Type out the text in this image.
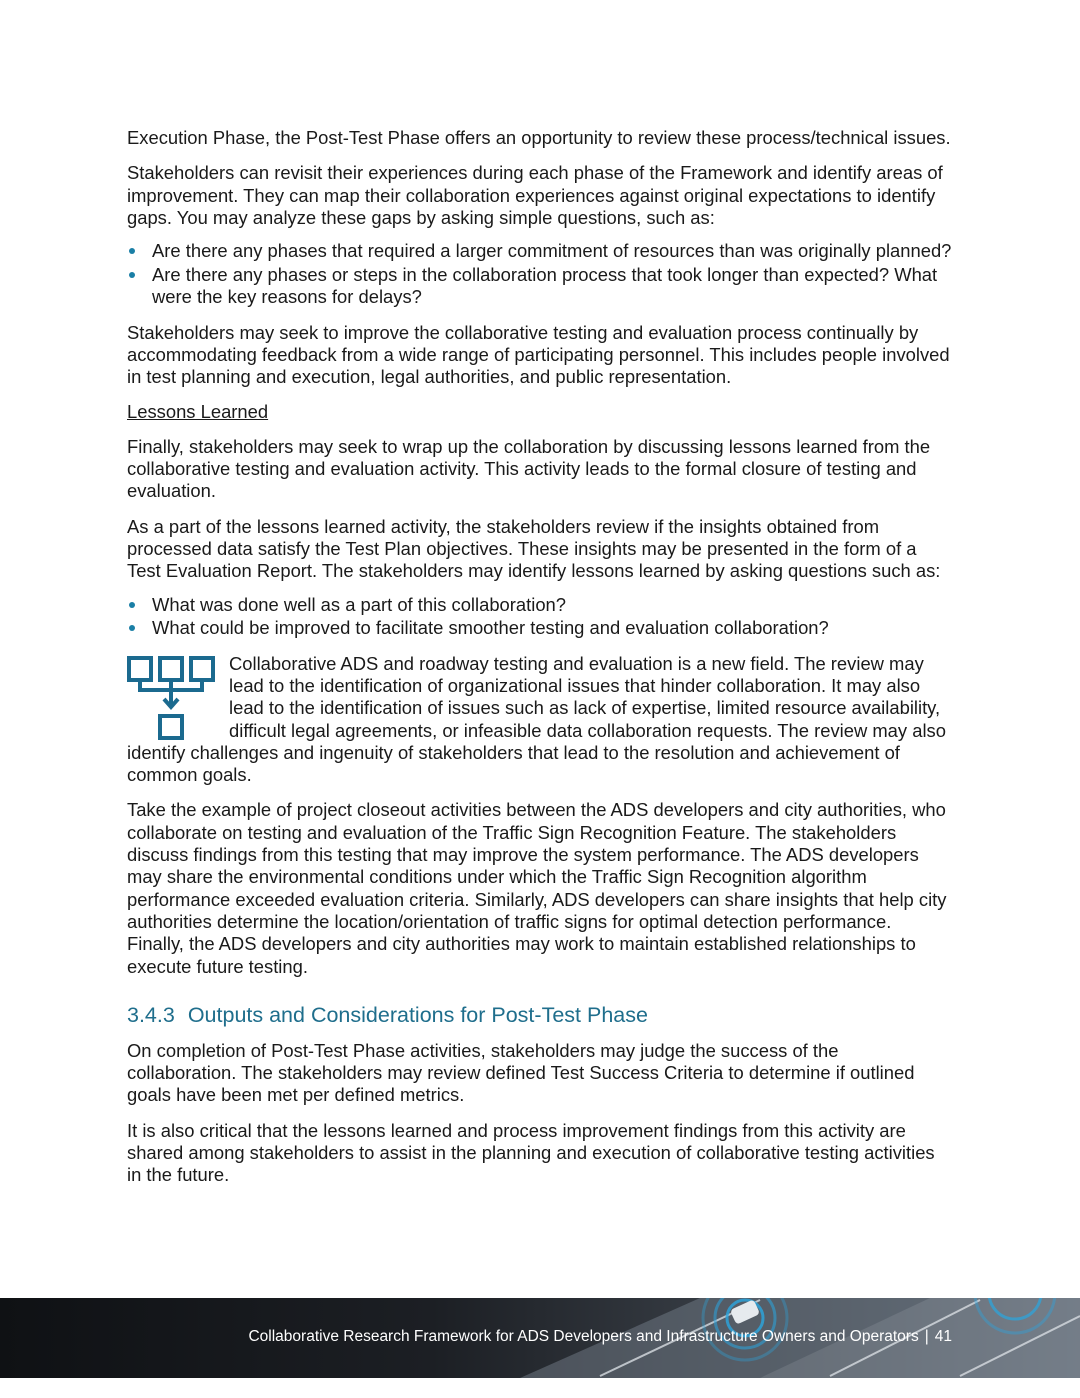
Execution Phase, the Post-Test Phase offers an opportunity to review these process/technical issues.

Stakeholders can revisit their experiences during each phase of the Framework and identify areas of improvement. They can map their collaboration experiences against original expectations to identify gaps. You may analyze these gaps by asking simple questions, such as:

Are there any phases that required a larger commitment of resources than was originally planned?
Are there any phases or steps in the collaboration process that took longer than expected? What were the key reasons for delays?

Stakeholders may seek to improve the collaborative testing and evaluation process continually by accommodating feedback from a wide range of participating personnel. This includes people involved in test planning and execution, legal authorities, and public representation.

Lessons Learned

Finally, stakeholders may seek to wrap up the collaboration by discussing lessons learned from the collaborative testing and evaluation activity. This activity leads to the formal closure of testing and evaluation.

As a part of the lessons learned activity, the stakeholders review if the insights obtained from processed data satisfy the Test Plan objectives. These insights may be presented in the form of a Test Evaluation Report. The stakeholders may identify lessons learned by asking questions such as:

What was done well as a part of this collaboration?
What could be improved to facilitate smoother testing and evaluation collaboration?
Collaborative ADS and roadway testing and evaluation is a new field. The review may lead to the identification of organizational issues that hinder collaboration. It may also lead to the identification of issues such as lack of expertise, limited resource availability, difficult legal agreements, or infeasible data collaboration requests. The review may also identify challenges and ingenuity of stakeholders that lead to the resolution and achievement of common goals.

Take the example of project closeout activities between the ADS developers and city authorities, who collaborate on testing and evaluation of the Traffic Sign Recognition Feature. The stakeholders discuss findings from this testing that may improve the system performance. The ADS developers may share the environmental conditions under which the Traffic Sign Recognition algorithm performance exceeded evaluation criteria. Similarly, ADS developers can share insights that help city authorities determine the location/orientation of traffic signs for optimal detection performance. Finally, the ADS developers and city authorities may work to maintain established relationships to execute future testing.

3.4.3 Outputs and Considerations for Post-Test Phase

On completion of Post-Test Phase activities, stakeholders may judge the success of the collaboration. The stakeholders may review defined Test Success Criteria to determine if outlined goals have been met per defined metrics.

It is also critical that the lessons learned and process improvement findings from this activity are shared among stakeholders to assist in the planning and execution of collaborative testing activities in the future.

Collaborative Research Framework for ADS Developers and Infrastructure Owners and Operators | 41
